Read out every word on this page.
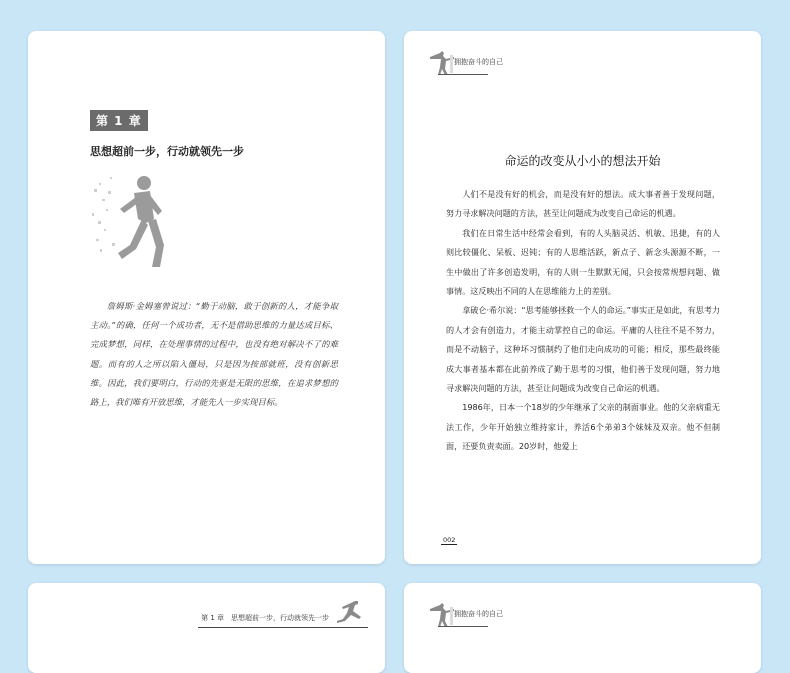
第 1 章
思想超前一步，行动就领先一步

詹姆斯·金姆塞曾说过：“勤于动脑，敢于创新的人，才能争取主动。”的确，任何一个成功者，无不是借助思维的力量达成目标、完成梦想，同样，在处理事情的过程中，也没有绝对解决不了的难题。而有的人之所以陷入僵局，只是因为按部就班，没有创新思维。因此，我们要明白，行动的先驱是无限的思维，在追求梦想的路上，我们唯有开放思维，才能先人一步实现目标。

拥抱奋斗的自己
命运的改变从小小的想法开始

人们不是没有好的机会，而是没有好的想法。成大事者善于发现问题，努力寻求解决问题的方法，甚至让问题成为改变自己命运的机遇。

我们在日常生活中经常会看到，有的人头脑灵活、机敏、迅捷，有的人则比较僵化、呆板、迟钝；有的人思维活跃，新点子、新念头源源不断，一生中做出了许多创造发明，有的人则一生默默无闻，只会按常规想问题、做事情。这反映出不同的人在思维能力上的差别。

拿破仑·希尔说：“思考能够拯救一个人的命运。”事实正是如此，有思考力的人才会有创造力，才能主动掌控自己的命运。平庸的人往往不是不努力，而是不动脑子，这种坏习惯制约了他们走向成功的可能；相反，那些最终能成大事者基本都在此前养成了勤于思考的习惯，他们善于发现问题，努力地寻求解决问题的方法，甚至让问题成为改变自己命运的机遇。

1986年，日本一个18岁的少年继承了父亲的制面事业。他的父亲病重无法工作，少年开始独立维持家计，养活6个弟弟3个妹妹及双亲。他不但制面，还要负责卖面。20岁时，他爱上

002
第 1 章　思想超前一步，行动就领先一步	拥抱奋斗的自己
